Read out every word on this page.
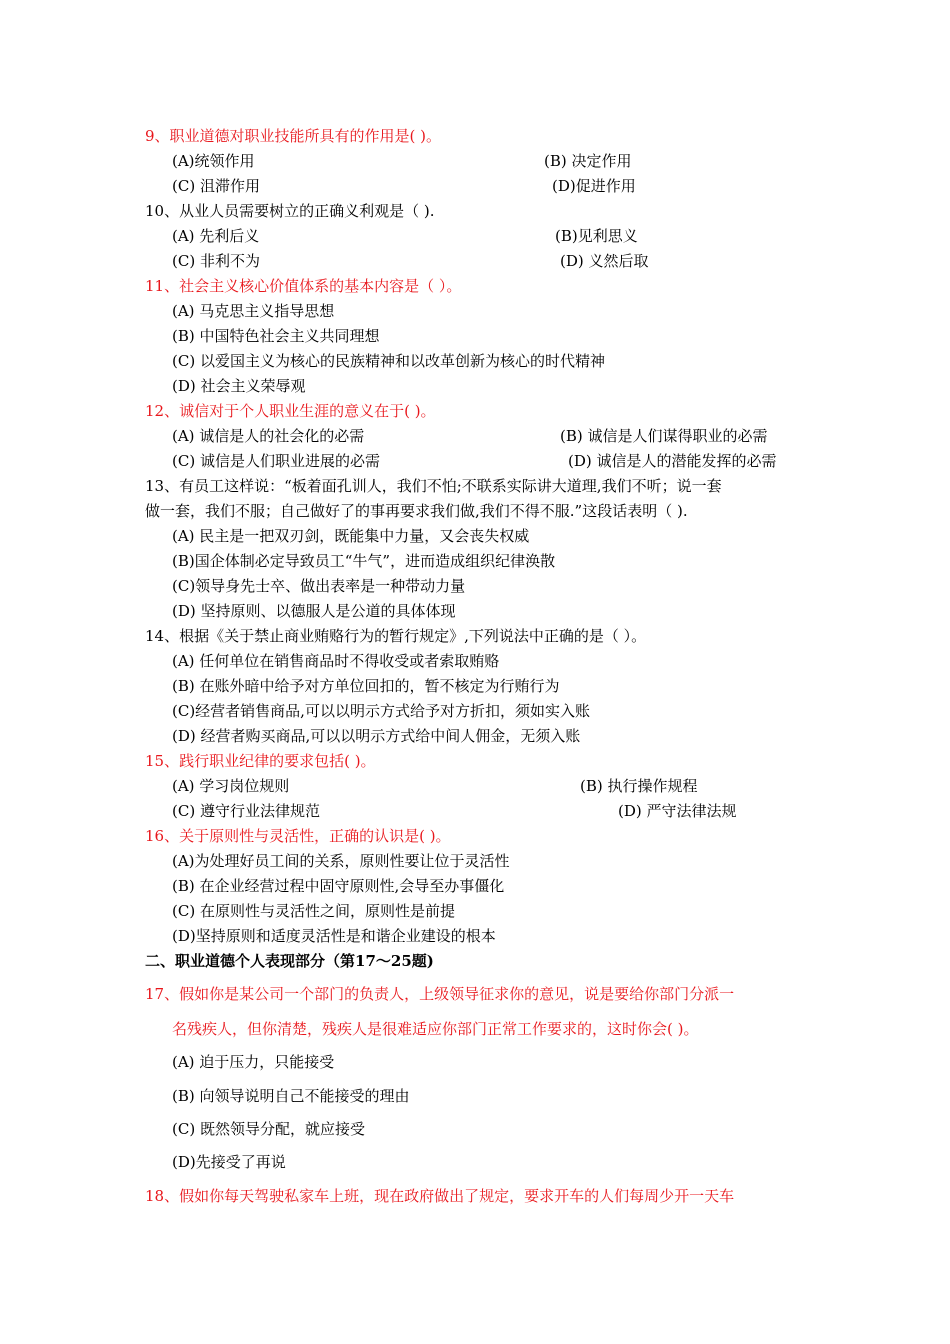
9、职业道德对职业技能所具有的作用是( )。

(A)统领作用	(B) 决定作用

(C) 沮滞作用	(D)促进作用

10、从业人员需要树立的正确义利观是（ ).

(A) 先利后义	(B)见利思义

(C) 非利不为	(D) 义然后取

11、社会主义核心价值体系的基本内容是（ ）。

(A) 马克思主义指导思想

(B) 中国特色社会主义共同理想

(C) 以爱国主义为核心的民族精神和以改革创新为核心的时代精神

(D) 社会主义荣辱观

12、诚信对于个人职业生涯的意义在于( )。

(A) 诚信是人的社会化的必需	(B) 诚信是人们谋得职业的必需

(C) 诚信是人们职业进展的必需	(D) 诚信是人的潜能发挥的必需

13、有员工这样说：“板着面孔训人，我们不怕;不联系实际讲大道理,我们不听；说一套

做一套，我们不服；自己做好了的事再要求我们做,我们不得不服.”这段话表明（ ).

(A) 民主是一把双刃剑，既能集中力量，又会丧失权威

(B)国企体制必定导致员工“牛气”，进而造成组织纪律涣散

(C)领导身先士卒、做出表率是一种带动力量

(D) 坚持原则、以德服人是公道的具体体现

14、根据《关于禁止商业贿赂行为的暂行规定》,下列说法中正确的是（ ）。

(A) 任何单位在销售商品时不得收受或者索取贿赂

(B) 在账外暗中给予对方单位回扣的，暂不核定为行贿行为

(C)经营者销售商品,可以以明示方式给予对方折扣，须如实入账

(D) 经营者购买商品,可以以明示方式给中间人佣金，无须入账

15、践行职业纪律的要求包括( )。

(A) 学习岗位规则	(B) 执行操作规程

(C) 遵守行业法律规范	(D) 严守法律法规

16、关于原则性与灵活性，正确的认识是( )。

(A)为处理好员工间的关系，原则性要让位于灵活性

(B) 在企业经营过程中固守原则性,会导至办事僵化

(C) 在原则性与灵活性之间，原则性是前提

(D)坚持原则和适度灵活性是和谐企业建设的根本

二、职业道德个人表现部分（第17～25题)

17、假如你是某公司一个部门的负责人，上级领导征求你的意见，说是要给你部门分派一

名残疾人，但你清楚，残疾人是很难适应你部门正常工作要求的，这时你会( )。

(A) 迫于压力，只能接受

(B) 向领导说明自己不能接受的理由

(C) 既然领导分配，就应接受

(D)先接受了再说

18、假如你每天驾驶私家车上班，现在政府做出了规定，要求开车的人们每周少开一天车
